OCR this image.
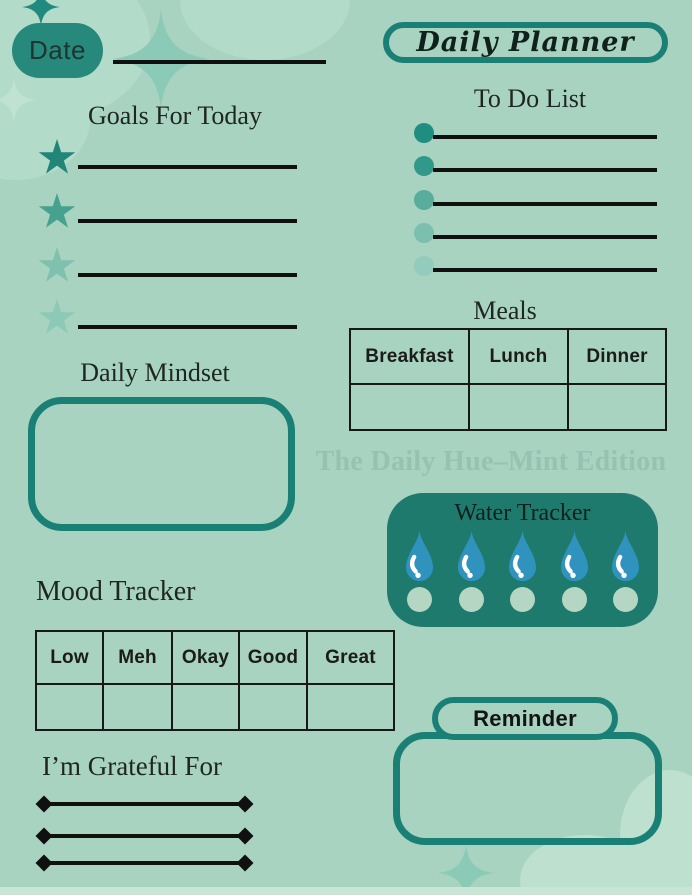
Date	Daily Planner
Goals For Today
To Do List
Meals
Breakfast	Lunch	Dinner

Daily Mindset
The Daily Hue–Mint Edition
Water Tracker
Mood Tracker
Low	Meh	Okay	Good	Great

Reminder
I’m Grateful For
